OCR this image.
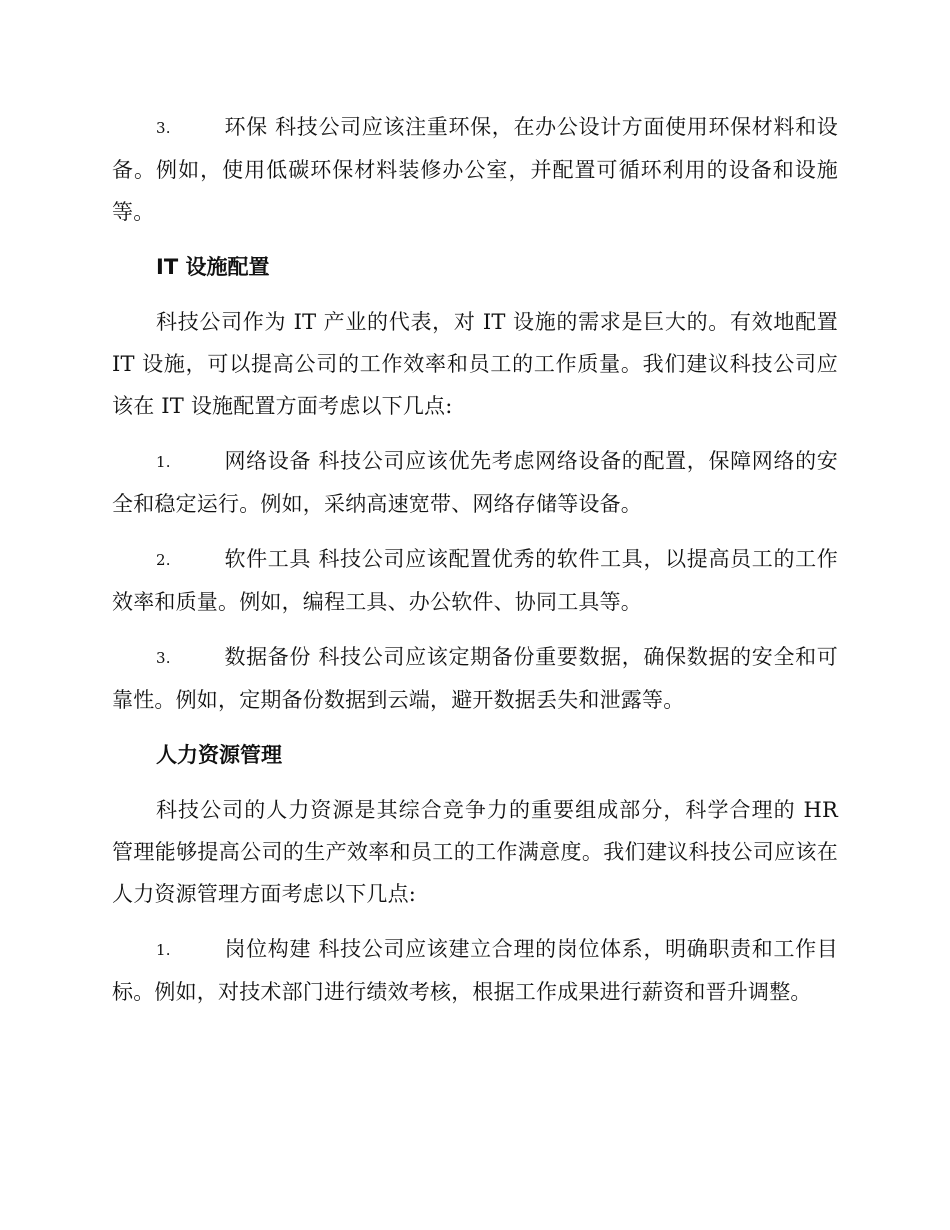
3.	环保 科技公司应该注重环保，在办公设计方面使用环保材料和设备。例如，使用低碳环保材料装修办公室，并配置可循环利用的设备和设施等。

IT 设施配置

科技公司作为 IT 产业的代表，对 IT 设施的需求是巨大的。有效地配置 IT 设施，可以提高公司的工作效率和员工的工作质量。我们建议科技公司应该在 IT 设施配置方面考虑以下几点:

1.	网络设备 科技公司应该优先考虑网络设备的配置，保障网络的安全和稳定运行。例如，采纳高速宽带、网络存储等设备。

2.	软件工具 科技公司应该配置优秀的软件工具，以提高员工的工作效率和质量。例如，编程工具、办公软件、协同工具等。

3.	数据备份 科技公司应该定期备份重要数据，确保数据的安全和可靠性。例如，定期备份数据到云端，避开数据丢失和泄露等。

人力资源管理

科技公司的人力资源是其综合竞争力的重要组成部分，科学合理的 HR 管理能够提高公司的生产效率和员工的工作满意度。我们建议科技公司应该在人力资源管理方面考虑以下几点:

1.	岗位构建 科技公司应该建立合理的岗位体系，明确职责和工作目标。例如，对技术部门进行绩效考核，根据工作成果进行薪资和晋升调整。
